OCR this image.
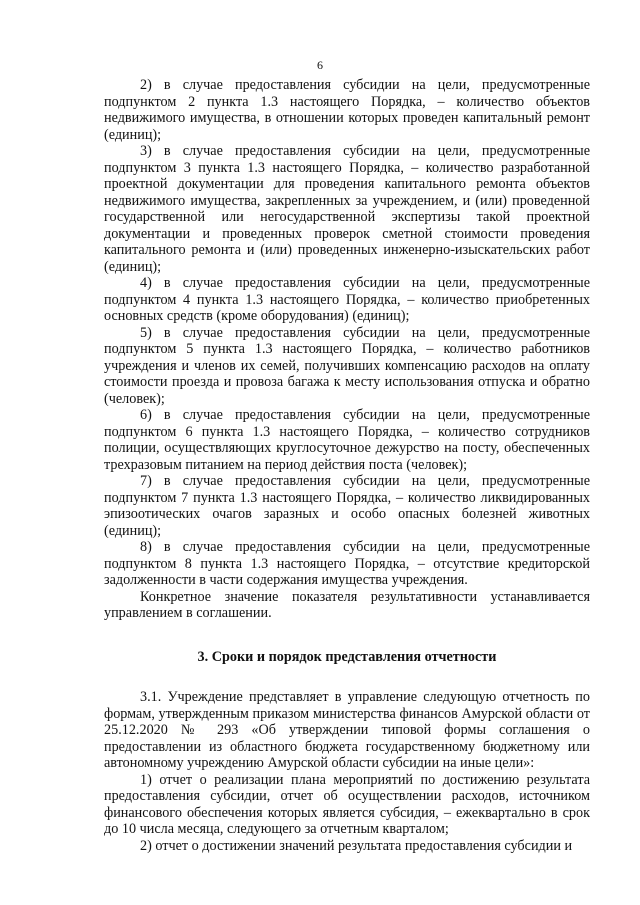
6

2) в случае предоставления субсидии на цели, предусмотренные подпунктом 2 пункта 1.3 настоящего Порядка, – количество объектов недвижимого имущества, в отношении которых проведен капитальный ремонт (единиц);

3) в случае предоставления субсидии на цели, предусмотренные подпунктом 3 пункта 1.3 настоящего Порядка, – количество разработанной проектной документации для проведения капитального ремонта объектов недвижимого имущества, закрепленных за учреждением, и (или) проведенной государственной или негосударственной экспертизы такой проектной документации и проведенных проверок сметной стоимости проведения капитального ремонта и (или) проведенных инженерно-изыскательских работ (единиц);

4) в случае предоставления субсидии на цели, предусмотренные подпунктом 4 пункта 1.3 настоящего Порядка, – количество приобретенных основных средств (кроме оборудования) (единиц);

5) в случае предоставления субсидии на цели, предусмотренные подпунктом 5 пункта 1.3 настоящего Порядка, – количество работников учреждения и членов их семей, получивших компенсацию расходов на оплату стоимости проезда и провоза багажа к месту использования отпуска и обратно (человек);

6) в случае предоставления субсидии на цели, предусмотренные подпунктом 6 пункта 1.3 настоящего Порядка, – количество сотрудников полиции, осуществляющих круглосуточное дежурство на посту, обеспеченных трехразовым питанием на период действия поста (человек);

7) в случае предоставления субсидии на цели, предусмотренные подпунктом 7 пункта 1.3 настоящего Порядка, – количество ликвидированных эпизоотических очагов заразных и особо опасных болезней животных (единиц);

8) в случае предоставления субсидии на цели, предусмотренные подпунктом 8 пункта 1.3 настоящего Порядка, – отсутствие кредиторской задолженности в части содержания имущества учреждения.

Конкретное значение показателя результативности устанавливается управлением в соглашении.

3. Сроки и порядок представления отчетности

3.1. Учреждение представляет в управление следующую отчетность по формам, утвержденным приказом министерства финансов Амурской области от 25.12.2020 № 293 «Об утверждении типовой формы соглашения о предоставлении из областного бюджета государственному бюджетному или автономному учреждению Амурской области субсидии на иные цели»:

1) отчет о реализации плана мероприятий по достижению результата предоставления субсидии, отчет об осуществлении расходов, источником финансового обеспечения которых является субсидия, – ежеквартально в срок до 10 числа месяца, следующего за отчетным кварталом;

2) отчет о достижении значений результата предоставления субсидии и
